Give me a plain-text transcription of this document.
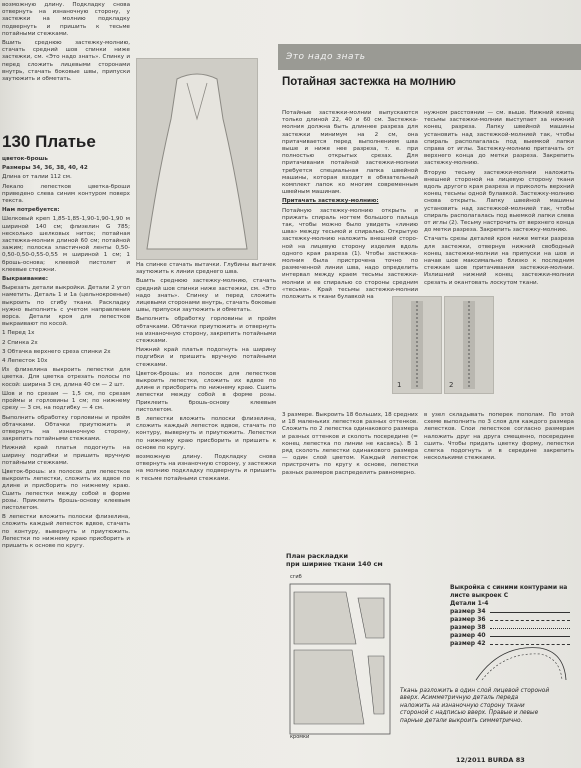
возможную длину. Подкладку снова отвернуть на изнаночную сторону, у застежки на молнию подкладку подвернуть и пришить к тесьме потайными стежками.

Вшить среднюю застежку-молнию, стачать средний шов спинки ниже застежки, см. «Это надо знать». Спинку и перед сложить лицевыми сторонами внутрь, стачать боковые швы, припуски заутюжить и обметать.

130 Платье

цветок-брошь

Размеры 34, 36, 38, 40, 42

Длина от талии 112 см.

Лекало лепестков цветка-броши приведено слева синим контуром поверх текста.

Нам потребуется:

Шелковый креп 1,85-1,85-1,90-1,90-1,90 м шириной 140 см; флизелин G 785; несколько шелковых ниток; потайная застежка-молния длиной 60 см; потайной зажим; полоска эластичной ленты 0,50-0,50-0,50-0,55-0,55 м шириной 1 см; 1 брошь-основа; клеевой пистолет и клеевые стержни.

Выкраивание:

Вырезать детали выкройки. Детали 2 угол наметить. Деталь 1 и 1а (цельнокроеные) выкроить по сгибу ткани. Раскладку нужно выполнить с учетом направления ворса. Детали кроя для лепестков выкраивают по косой.

1 Перед 1x

2 Спинка 2x

3 Обтачка верхнего среза спинки 2x

4 Лепесток 10x

Из флизелина выкроить лепестки для цветка. Для цветка отрезать полосы по косой: ширина 3 см, длина 40 см — 2 шт.

Шов и по срезам — 1,5 см, по срезам проймы и горловины 1 см; по нижнему срезу — 3 см, на подгибку — 4 см.

Выполнить обработку горловины и пройм обтачками. Обтачки приутюжить и отвернуть на изнаночную сторону, закрепить потайными стежками.

Нижний край платья подогнуть на ширину подгибки и пришить вручную потайными стежками.

Цветок-брошь: из полосок для лепестков выкроить лепестки, сложить их вдвое по длине и присборить по нижнему краю. Сшить лепестки между собой в форме розы. Приклеить брошь-основу клеевым пистолетом.

В лепестки вложить полоски флизелина, сложить каждый лепесток вдвое, стачать по контуру, вывернуть и приутюжить. Лепестки по нижнему краю присборить и пришить к основе по кругу.

На спинке стачать вытачки. Глубины вытачек заутюжить к линии среднего шва.

Вшить среднюю застежку-молнию, стачать средний шов спинки ниже застежки, см. «Это надо знать». Спинку и перед сложить лицевыми сторонами внутрь, стачать боковые швы, припуски заутюжить и обметать.

Выполнить обработку горловины и пройм обтачками. Обтачки приутюжить и отвернуть на изнаночную сторону, закрепить потайными стежками.

Нижний край платья подогнуть на ширину подгибки и пришить вручную потайными стежками.

Цветок-брошь: из полосок для лепестков выкроить лепестки, сложить их вдвое по длине и присборить по нижнему краю. Сшить лепестки между собой в форме розы. Приклеить брошь-основу клеевым пистолетом.

В лепестки вложить полоски флизелина, сложить каждый лепесток вдвое, стачать по контуру, вывернуть и приутюжить. Лепестки по нижнему краю присборить и пришить к основе по кругу.

возможную длину. Подкладку снова отвернуть на изнаночную сторону, у застежки на молнию подкладку подвернуть и пришить к тесьме потайными стежками.

Это надо знать
Потайная застежка на молнию

Потайные застежки-молнии выпускаются только длиной 22, 40 и 60 см. Застежка-молния должна быть длиннее разреза для застежки минимум на 2 см, она притачивается перед выполнением шва выше и ниже нее разреза, т. е. при полностью открытых срезах. Для притачивания потайной застежки-молнии требуется специальная лапка швейной машины, которая входит в обязательный комплект лапок ко многим современным швейным машинам.

Притачать застежку-молнию:

Потайную застежку-молнию открыть и прижать спираль ногтем большого пальца так, чтобы можно было увидеть «линию шва» между тесьмой и спиралью. Открытую застежку-молнию наложить внешней стороной на лицевую сторону изделия вдоль одного края разреза (1). Чтобы застежка-молния была пристрочена точно по размеченной линии шва, надо определить интервал между краем тесьмы застежки-молнии и ее спиралью со стороны средним «тесьма». Край тесьмы застежки-молнии положить к ткани булавкой на

нужном расстоянии — см. выше. Нижний конец тесьмы застежки-молнии выступает за нижний конец разреза. Лапку швейной машины установить над застежкой-молнией так, чтобы спираль располагалась под выемкой лапки справа от иглы. Застежку-молнию притачать от верхнего конца до метки разреза. Закрепить застежку-молнию.

Вторую тесьму застежки-молнии наложить внешней стороной на лицевую сторону ткани вдоль другого края разреза и приколоть верхний конец тесьмы одной булавкой. Застежку-молнию снова открыть. Лапку швейной машины установить над застежкой-молнией так, чтобы спираль располагалась под выемкой лапки слева от иглы (2). Тесьму настрочить от верхнего конца до метки разреза. Закрепить застежку-молнию.

Стачать срезы деталей кроя ниже метки разреза для застежки, отвернув нижний свободный конец застежки-молнии на припуски на шов и начав шов максимально близко к последним стежкам шов притачивания застежки-молнии. Излишний нижний конец застежки-молнии срезать и окантовать лоскутом ткани.

1	2

3 размере. Выкроить 18 больших, 18 средних и 18 маленьких лепестков разных оттенков. Сложить по 2 лепестка одинакового размера и разных оттенков и сколоть посередине (= конец лепестка по линии не касаясь). В 1 ряд сколоть лепестки одинакового размера — один слой цветом. Каждый лепесток пристрочить по кругу к основе, лепестки разных размеров распределить равномерно.

в узел складывать поперек пополам. По этой схеме выполнить по 3 слоя для каждого размера лепестков. Слои лепестков согласно размерам наложить друг на друга смещенно, посередине сшить. Чтобы придать цветку форму, лепестки слегка подогнуть и в середине закрепить несколькими стежками.

План раскладки
при ширине ткани 140 см
сгиб
кромки
Выкройка с синими контурами на листе выкроек С
Детали 1-4
размер 34
размер 36
размер 38
размер 40
размер 42
Ткань разложить в один слой лицевой стороной вверх. Асимметричную деталь переда наложить на изнаночную сторону ткани стороной с надписью вверх. Правые и левые парные детали выкроить симметрично.
12/2011 BURDA 83
